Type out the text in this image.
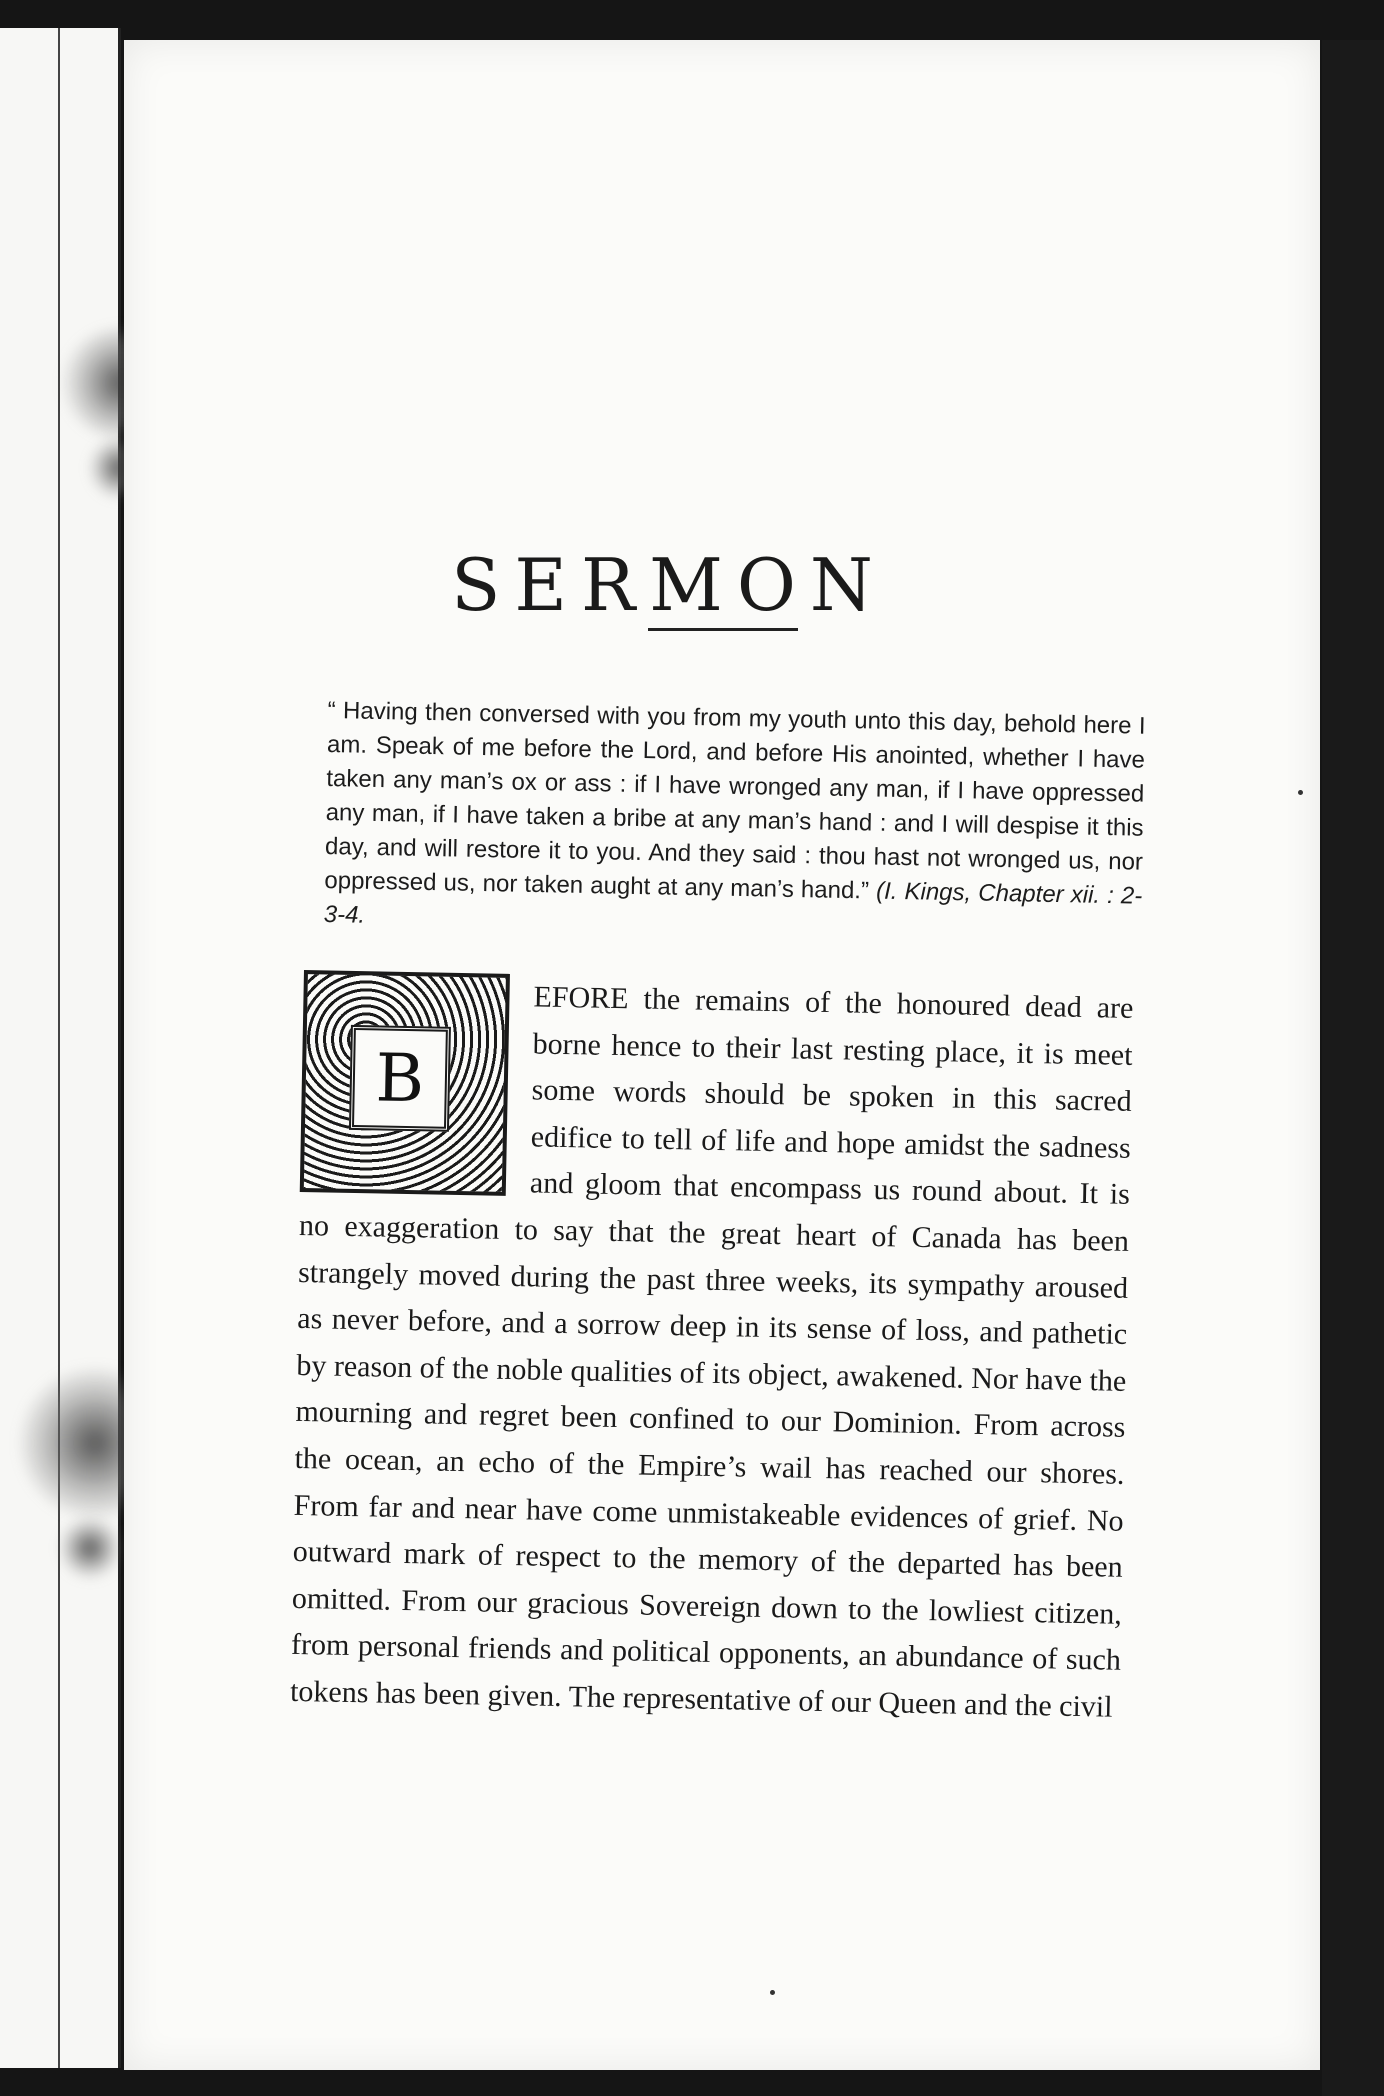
SERMON

“ Having then conversed with you from my youth unto this day, behold here I am. Speak of me before the Lord, and before His anointed, whether I have taken any man’s ox or ass : if I have wronged any man, if I have oppressed any man, if I have taken a bribe at any man’s hand : and I will despise it this day, and will restore it to you. And they said : thou hast not wronged us, nor oppressed us, nor taken aught at any man’s hand.” (I. Kings, Chapter xii. : 2-3-4.

B

EFORE the remains of the honoured dead are borne hence to their last resting place, it is meet some words should be spoken in this sacred edifice to tell of life and hope amidst the sadness and gloom that encompass us round about. It is no exaggeration to say that the great heart of Canada has been strangely moved during the past three weeks, its sympathy aroused as never before, and a sorrow deep in its sense of loss, and pathetic by reason of the noble qualities of its object, awakened. Nor have the mourning and regret been confined to our Dominion. From across the ocean, an echo of the Empire’s wail has reached our shores. From far and near have come unmistakeable evidences of grief. No outward mark of respect to the memory of the departed has been omitted. From our gracious Sovereign down to the lowliest citizen, from personal friends and political opponents, an abundance of such tokens has been given. The representative of our Queen and the civil
